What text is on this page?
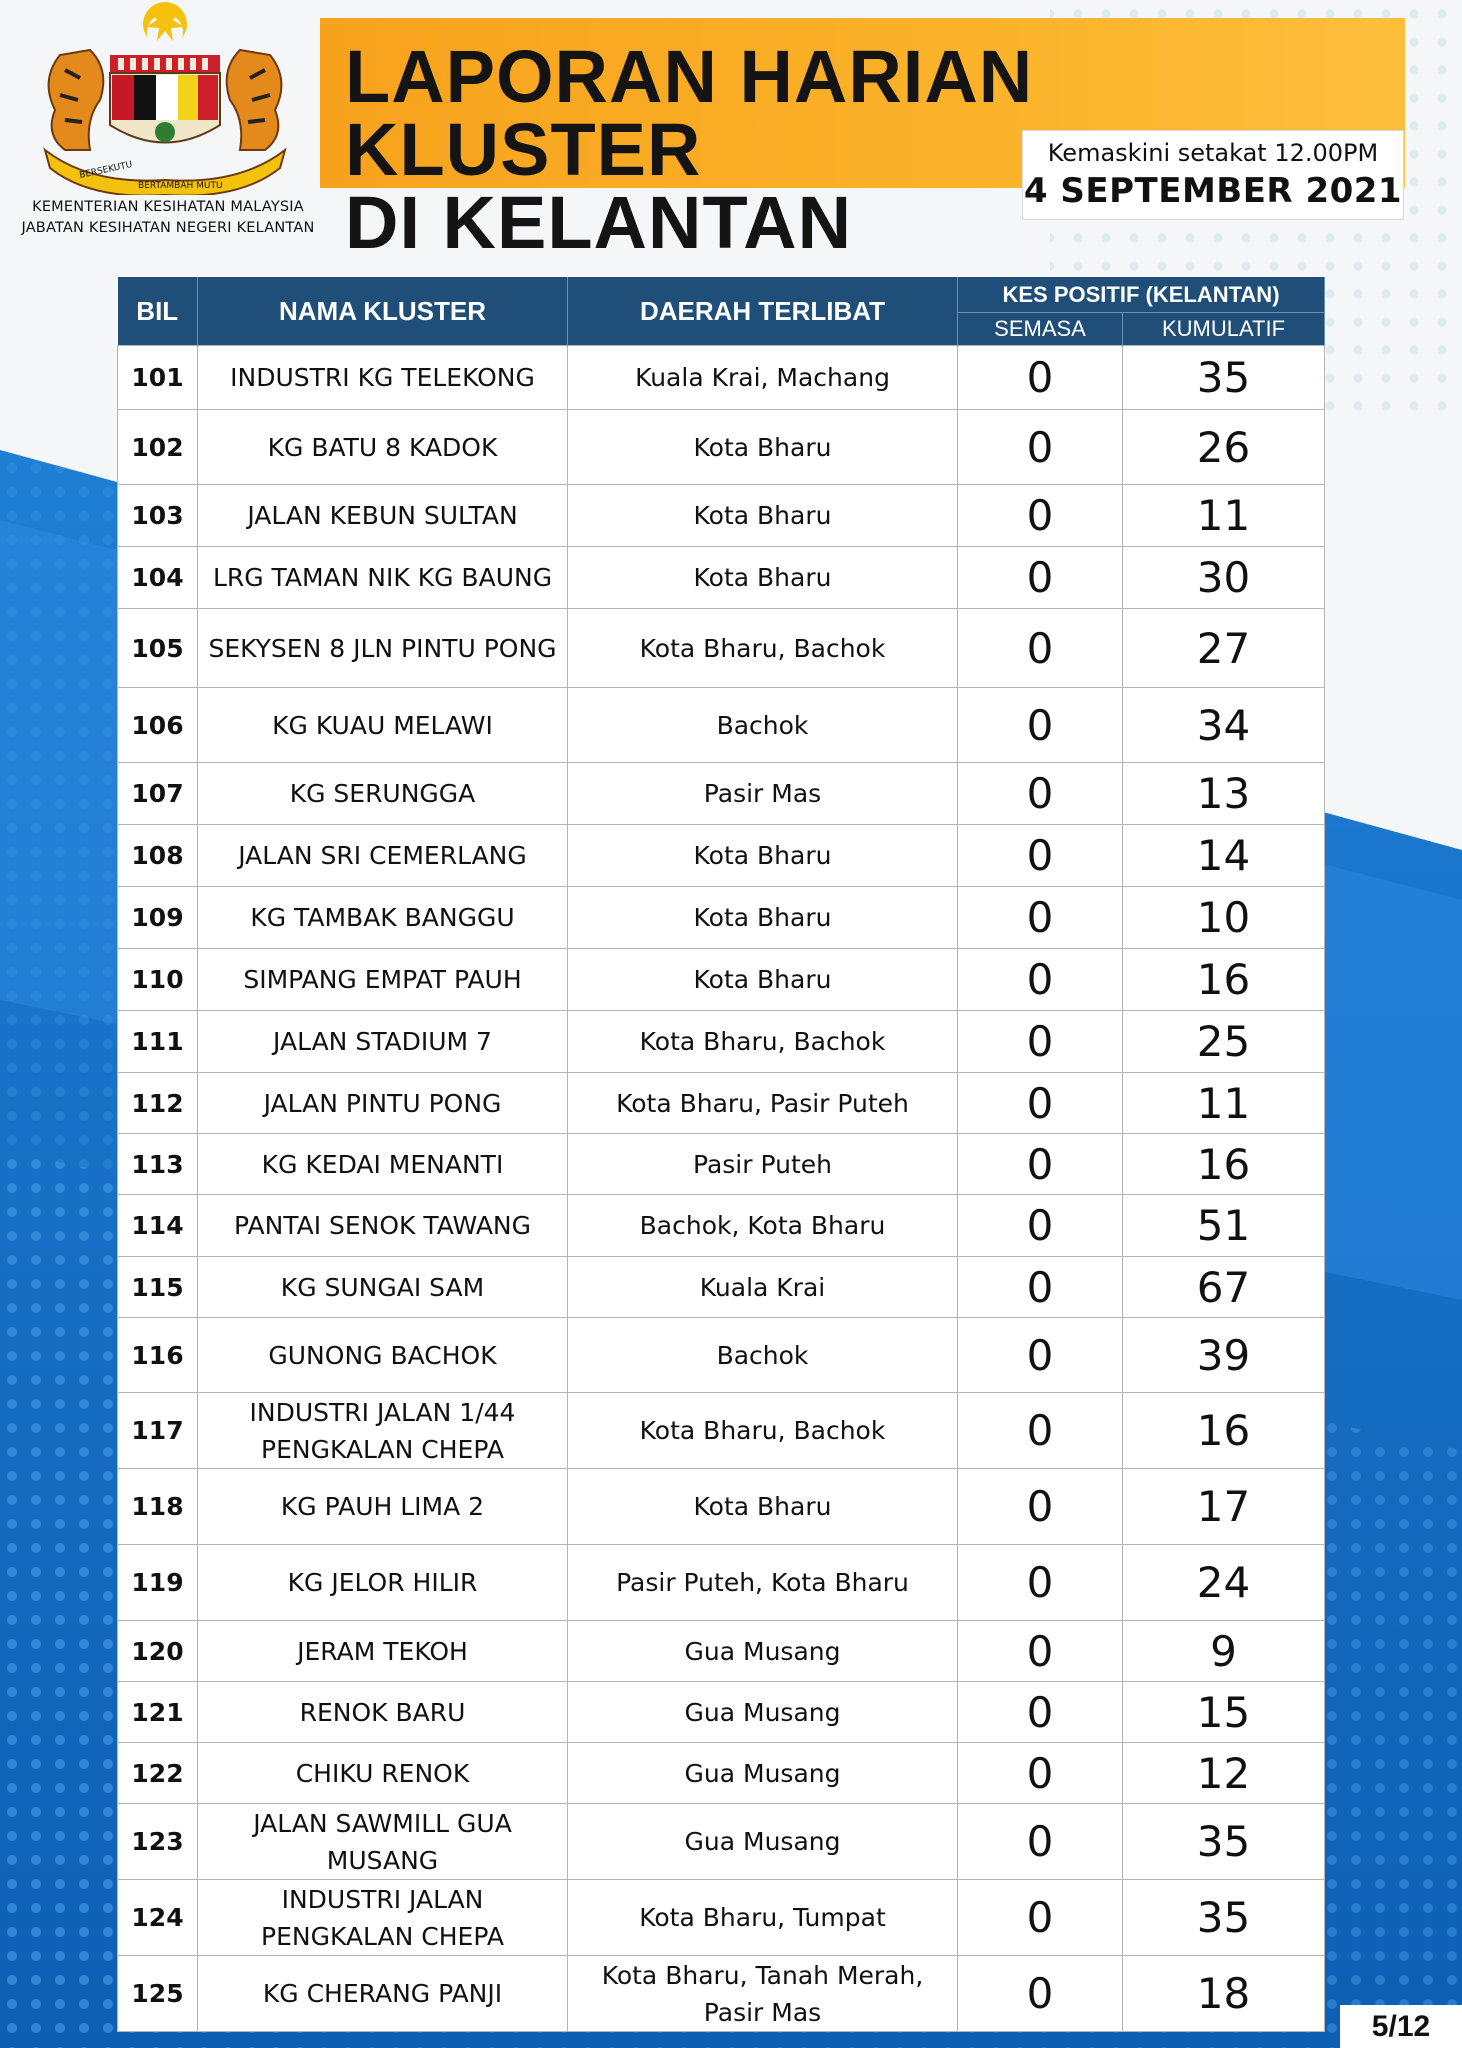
BERSEKUTU
BERTAMBAH MUTU
KEMENTERIAN KESIHATAN MALAYSIA
JABATAN KESIHATAN NEGERI KELANTAN
LAPORAN HARIAN KLUSTER
DI KELANTAN
Kemaskini setakat 12.00PM
4 SEPTEMBER 2021
BIL	NAMA KLUSTER	DAERAH TERLIBAT	KES POSITIF (KELANTAN)	
			SEMASA	KUMULATIF
101	INDUSTRI KG TELEKONG	Kuala Krai, Machang	0	35
102	KG BATU 8 KADOK	Kota Bharu	0	26
103	JALAN KEBUN SULTAN	Kota Bharu	0	11
104	LRG TAMAN NIK KG BAUNG	Kota Bharu	0	30
105	SEKYSEN 8 JLN PINTU PONG	Kota Bharu, Bachok	0	27
106	KG KUAU MELAWI	Bachok	0	34
107	KG SERUNGGA	Pasir Mas	0	13
108	JALAN SRI CEMERLANG	Kota Bharu	0	14
109	KG TAMBAK BANGGU	Kota Bharu	0	10
110	SIMPANG EMPAT PAUH	Kota Bharu	0	16
111	JALAN STADIUM 7	Kota Bharu, Bachok	0	25
112	JALAN PINTU PONG	Kota Bharu, Pasir Puteh	0	11
113	KG KEDAI MENANTI	Pasir Puteh	0	16
114	PANTAI SENOK TAWANG	Bachok, Kota Bharu	0	51
115	KG SUNGAI SAM	Kuala Krai	0	67
116	GUNONG BACHOK	Bachok	0	39
117	INDUSTRI JALAN 1/44 PENGKALAN CHEPA	Kota Bharu, Bachok	0	16
118	KG PAUH LIMA 2	Kota Bharu	0	17
119	KG JELOR HILIR	Pasir Puteh, Kota Bharu	0	24
120	JERAM TEKOH	Gua Musang	0	9
121	RENOK BARU	Gua Musang	0	15
122	CHIKU RENOK	Gua Musang	0	12
123	JALAN SAWMILL GUA MUSANG	Gua Musang	0	35
124	INDUSTRI JALAN PENGKALAN CHEPA	Kota Bharu, Tumpat	0	35
125	KG CHERANG PANJI	Kota Bharu, Tanah Merah, Pasir Mas	0	18
5/12
